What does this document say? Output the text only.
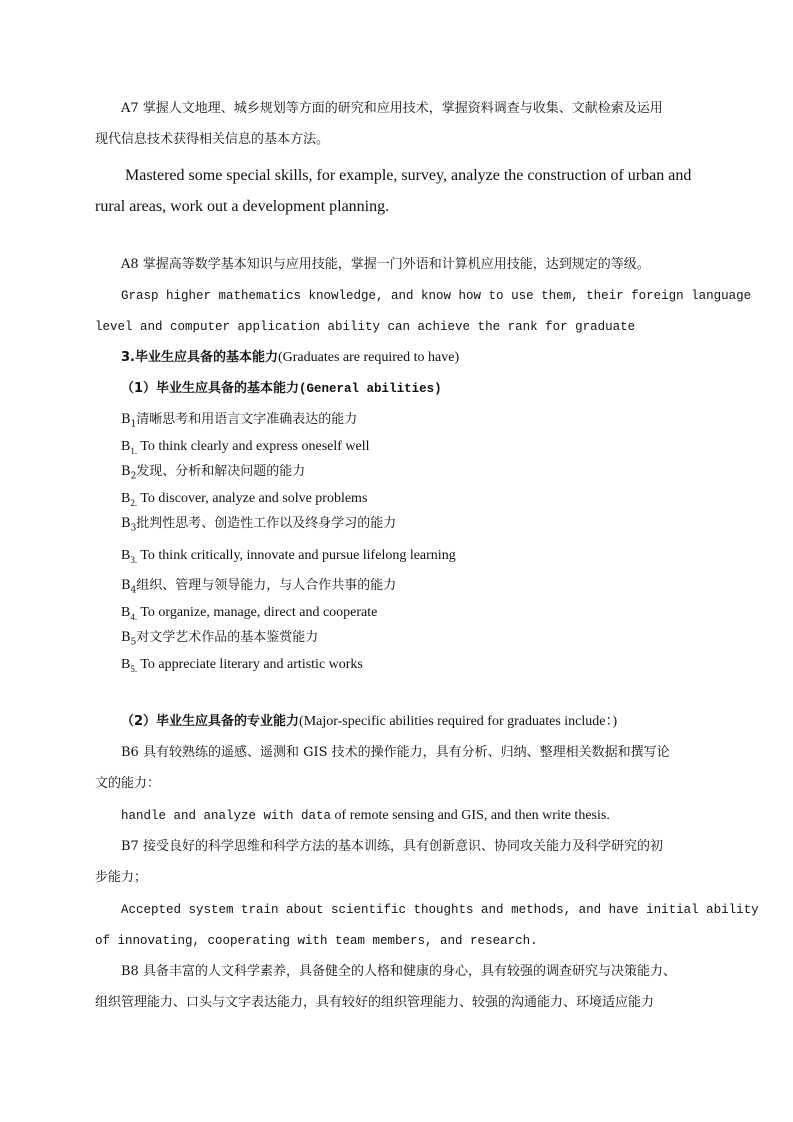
A7 掌握人文地理、城乡规划等方面的研究和应用技术，掌握资料调查与收集、文献检索及运用
现代信息技术获得相关信息的基本方法。
Mastered some special skills, for example, survey, analyze the construction of urban and
rural areas, work out a development planning.
A8 掌握高等数学基本知识与应用技能，掌握一门外语和计算机应用技能，达到规定的等级。
Grasp higher mathematics knowledge, and know how to use them, their foreign language
level and computer application ability can achieve the rank for graduate
3.毕业生应具备的基本能力(Graduates are required to have)
（1）毕业生应具备的基本能力(General abilities)
$B_1$清晰思考和用语言文字准确表达的能力
$B_{1.}$ To think clearly and express oneself well
$B_2$发现、分析和解决问题的能力
$B_{2.}$ To discover, analyze and solve problems
$B_3$批判性思考、创造性工作以及终身学习的能力
$B_{3.}$ To think critically, innovate and pursue lifelong learning
$B_4$组织、管理与领导能力，与人合作共事的能力
$B_{4.}$ To organize, manage, direct and cooperate
$B_5$对文学艺术作品的基本鉴赏能力
$B_{5.}$ To appreciate literary and artistic works
（2）毕业生应具备的专业能力(Major-specific abilities required for graduates include：)
B6 具有较熟练的遥感、遥测和 GIS 技术的操作能力，具有分析、归纳、整理相关数据和撰写论
文的能力：
handle and analyze with data of remote sensing and GIS, and then write thesis.
B7 接受良好的科学思维和科学方法的基本训练，具有创新意识、协同攻关能力及科学研究的初
步能力；
Accepted system train about scientific thoughts and methods, and have initial ability
of innovating, cooperating with team members, and research.
B8 具备丰富的人文科学素养，具备健全的人格和健康的身心，具有较强的调查研究与决策能力、
组织管理能力、口头与文字表达能力，具有较好的组织管理能力、较强的沟通能力、环境适应能力
